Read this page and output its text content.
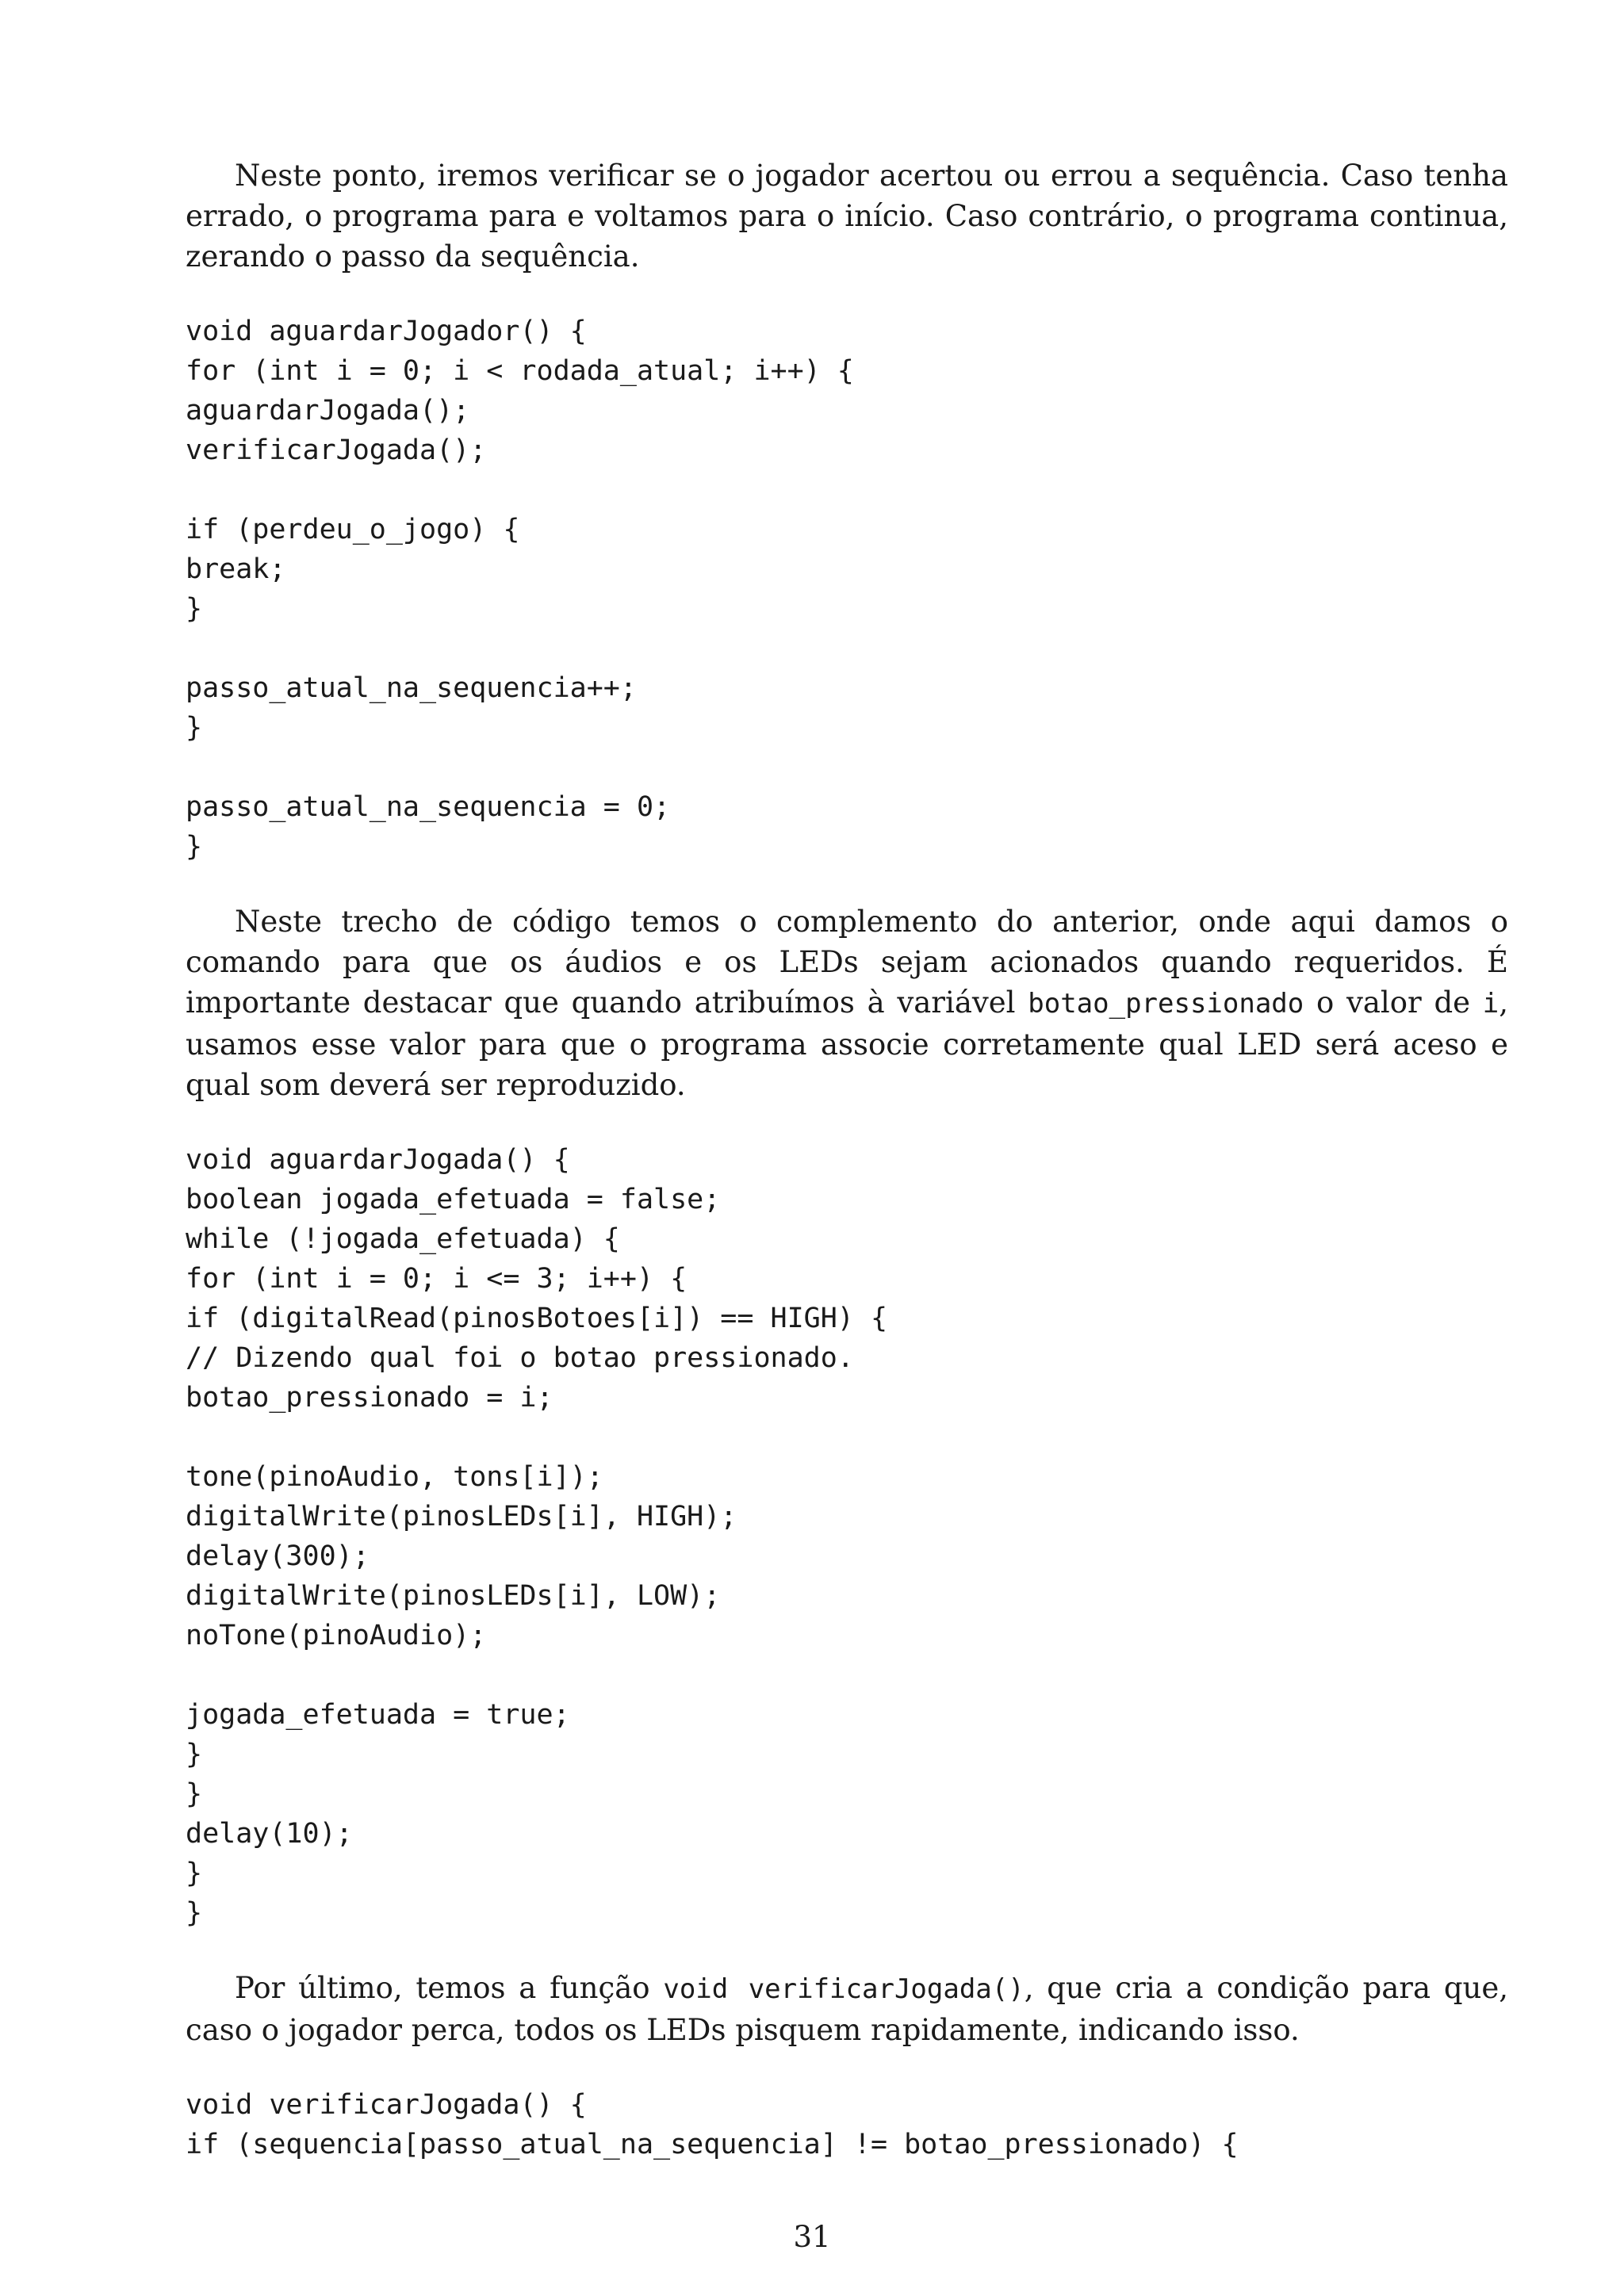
Neste ponto, iremos verificar se o jogador acertou ou errou a sequência. Caso tenha errado, o programa para e voltamos para o início. Caso contrário, o programa continua, zerando o passo da sequência.

void aguardarJogador() {
for (int i = 0; i < rodada_atual; i++) {
aguardarJogada();
verificarJogada();
if (perdeu_o_jogo) {
break;
}
passo_atual_na_sequencia++;
}
passo_atual_na_sequencia = 0;
}

Neste trecho de código temos o complemento do anterior, onde aqui damos o comando para que os áudios e os LEDs sejam acionados quando requeridos. É importante destacar que quando atribuímos à variável botao_pressionado o valor de i, usamos esse valor para que o programa associe corretamente qual LED será aceso e qual som deverá ser reproduzido.

void aguardarJogada() {
boolean jogada_efetuada = false;
while (!jogada_efetuada) {
for (int i = 0; i <= 3; i++) {
if (digitalRead(pinosBotoes[i]) == HIGH) {
// Dizendo qual foi o botao pressionado.
botao_pressionado = i;
tone(pinoAudio, tons[i]);
digitalWrite(pinosLEDs[i], HIGH);
delay(300);
digitalWrite(pinosLEDs[i], LOW);
noTone(pinoAudio);
jogada_efetuada = true;
}
}
delay(10);
}
}

Por último, temos a função void verificarJogada(), que cria a condição para que, caso o jogador perca, todos os LEDs pisquem rapidamente, indicando isso.

void verificarJogada() {
if (sequencia[passo_atual_na_sequencia] != botao_pressionado) {
31
